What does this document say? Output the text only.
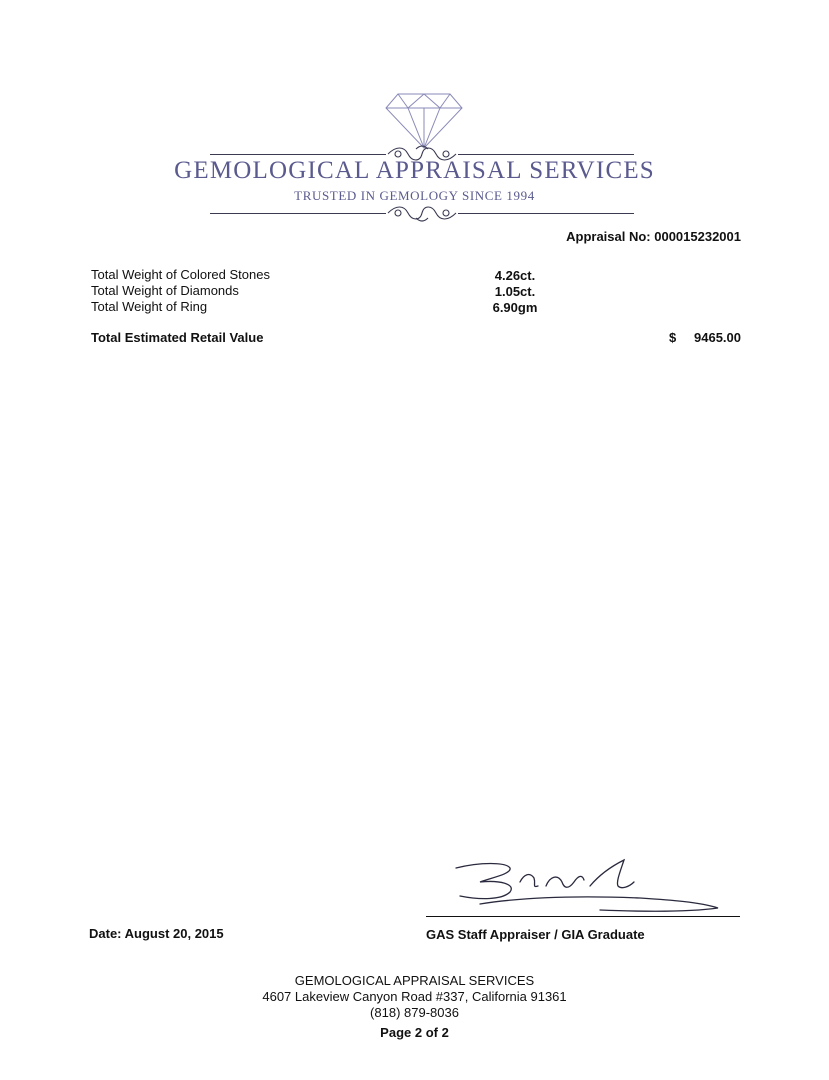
GEMOLOGICAL APPRAISAL SERVICES
TRUSTED IN GEMOLOGY SINCE 1994
Appraisal No: 000015232001
Total Weight of Colored Stones	4.26ct.
Total Weight of Diamonds	1.05ct.
Total Weight of Ring	6.90gm
Total Estimated Retail Value	$ 9465.00
Date: August 20, 2015	GAS Staff Appraiser / GIA Graduate
GEMOLOGICAL APPRAISAL SERVICES
4607 Lakeview Canyon Road #337, California 91361
(818) 879-8036
Page 2 of 2
